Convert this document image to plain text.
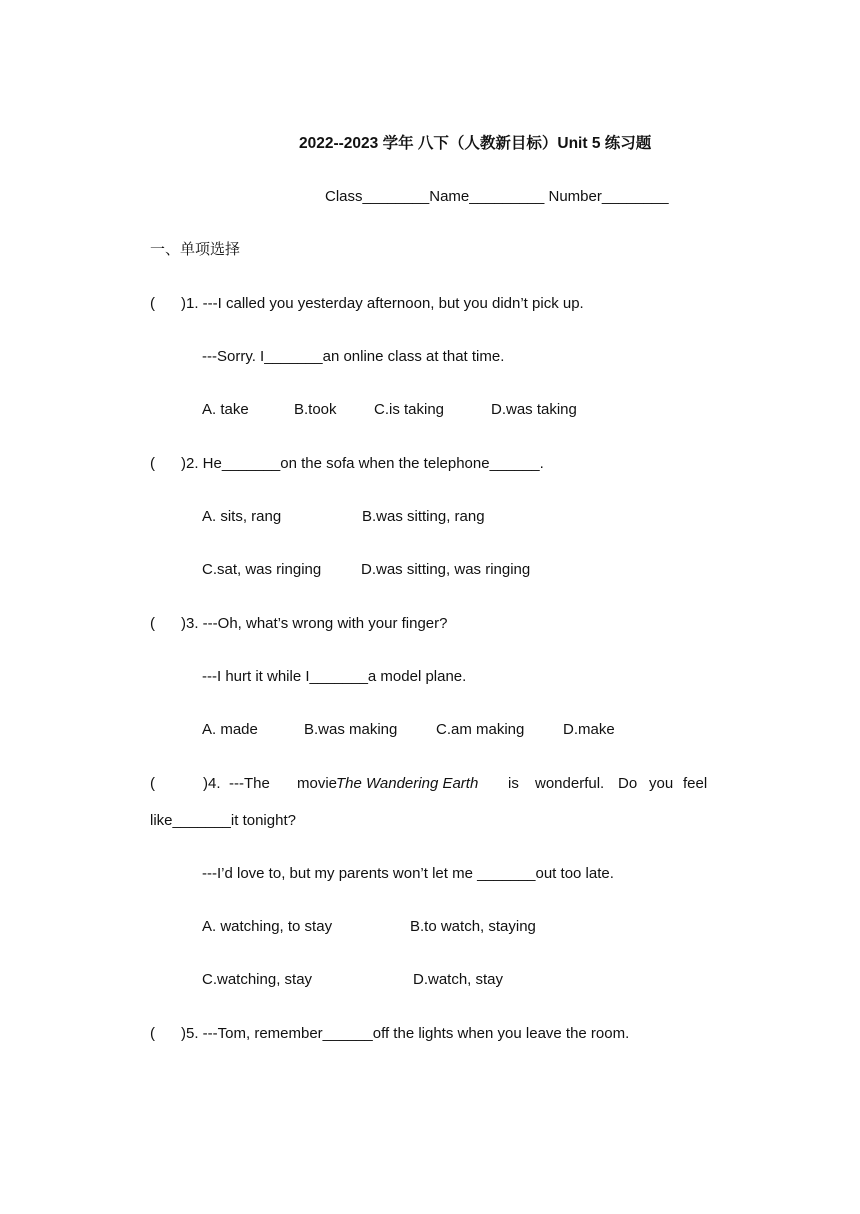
2022--2023 学年 八下（人教新目标）Unit 5 练习题
Class________Name_________ Number________
一、单项选择
( )1. ---I called you yesterday afternoon, but you didn’t pick up.
---Sorry. I_______an online class at that time.
A. take	B.took C.is taking	D.was taking
( )2. He_______on the sofa when the telephone______.
A. sits, rang	B.was sitting, rang
C.sat, was ringing	D.was sitting, was ringing
( )3. ---Oh, what’s wrong with your finger?
---I hurt it while I_______a model plane.
A. made	B.was making	C.am making	D.make
(	)4. ---The movie
The Wandering Earth is wonderful. Do you feel
like_______it tonight?
---I’d love to, but my parents won’t let me _______out too late.
A. watching, to stay	B.to watch, staying
C.watching, stay	D.watch, stay
( )5. ---Tom, remember______off the lights when you leave the room.
